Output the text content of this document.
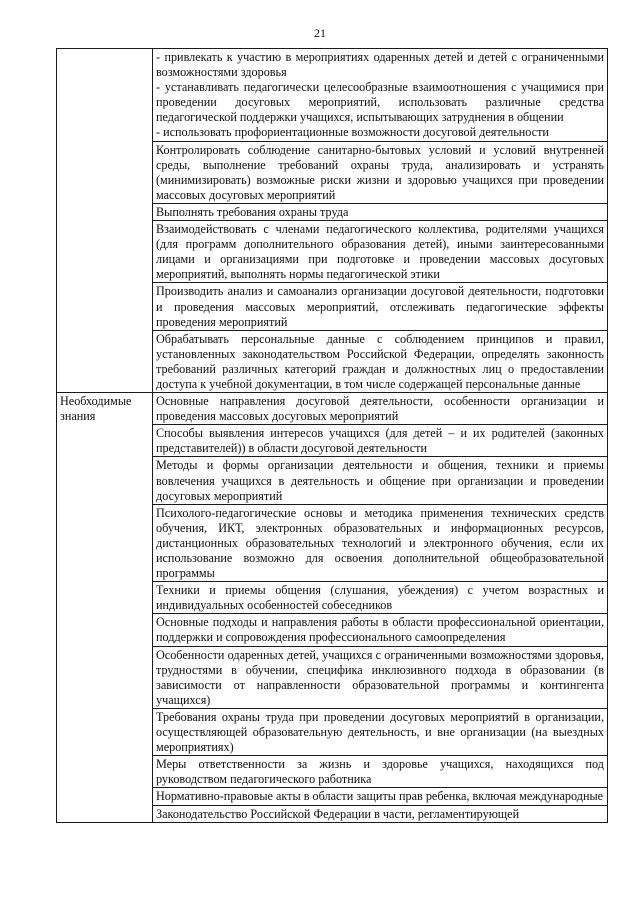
21

	- привлекать к участию в мероприятиях одаренных детей и детей с ограниченными возможностями здоровья

- устанавливать педагогически целесообразные взаимоотношения с учащимися при проведении досуговых мероприятий, использовать различные средства педагогической поддержки учащихся, испытывающих затруднения в общении

- использовать профориентационные возможности досуговой деятельности

	Контролировать соблюдение санитарно-бытовых условий и условий внутренней среды, выполнение требований охраны труда, анализировать и устранять (минимизировать) возможные риски жизни и здоровью учащихся при проведении массовых досуговых мероприятий

	Выполнять требования охраны труда

	Взаимодействовать с членами педагогического коллектива, родителями учащихся (для программ дополнительного образования детей), иными заинтересованными лицами и организациями при подготовке и проведении массовых досуговых мероприятий, выполнять нормы педагогической этики

	Производить анализ и самоанализ организации досуговой деятельности, подготовки и проведения массовых мероприятий, отслеживать педагогические эффекты проведения мероприятий

	Обрабатывать персональные данные с соблюдением принципов и правил, установленных законодательством Российской Федерации, определять законность требований различных категорий граждан и должностных лиц о предоставлении доступа к учебной документации, в том числе содержащей персональные данные

Необходимые знания	Основные направления досуговой деятельности, особенности организации и проведения массовых досуговых мероприятий
	Способы выявления интересов учащихся (для детей – и их родителей (законных представителей)) в области досуговой деятельности
	Методы и формы организации деятельности и общения, техники и приемы вовлечения учащихся в деятельность и общение при организации и проведении досуговых мероприятий
	Психолого-педагогические основы и методика применения технических средств обучения, ИКТ, электронных образовательных и информационных ресурсов, дистанционных образовательных технологий и электронного обучения, если их использование возможно для освоения дополнительной общеобразовательной программы
	Техники и приемы общения (слушания, убеждения) с учетом возрастных и индивидуальных особенностей собеседников
	Основные подходы и направления работы в области профессиональной ориентации, поддержки и сопровождения профессионального самоопределения
	Особенности одаренных детей, учащихся с ограниченными возможностями здоровья, трудностями в обучении, специфика инклюзивного подхода в образовании (в зависимости от направленности образовательной программы и контингента учащихся)
	Требования охраны труда при проведении досуговых мероприятий в организации, осуществляющей образовательную деятельность, и вне организации (на выездных мероприятиях)
	Меры ответственности за жизнь и здоровье учащихся, находящихся под руководством педагогического работника
	Нормативно-правовые акты в области защиты прав ребенка, включая международные
	Законодательство Российской Федерации в части, регламентирующей
